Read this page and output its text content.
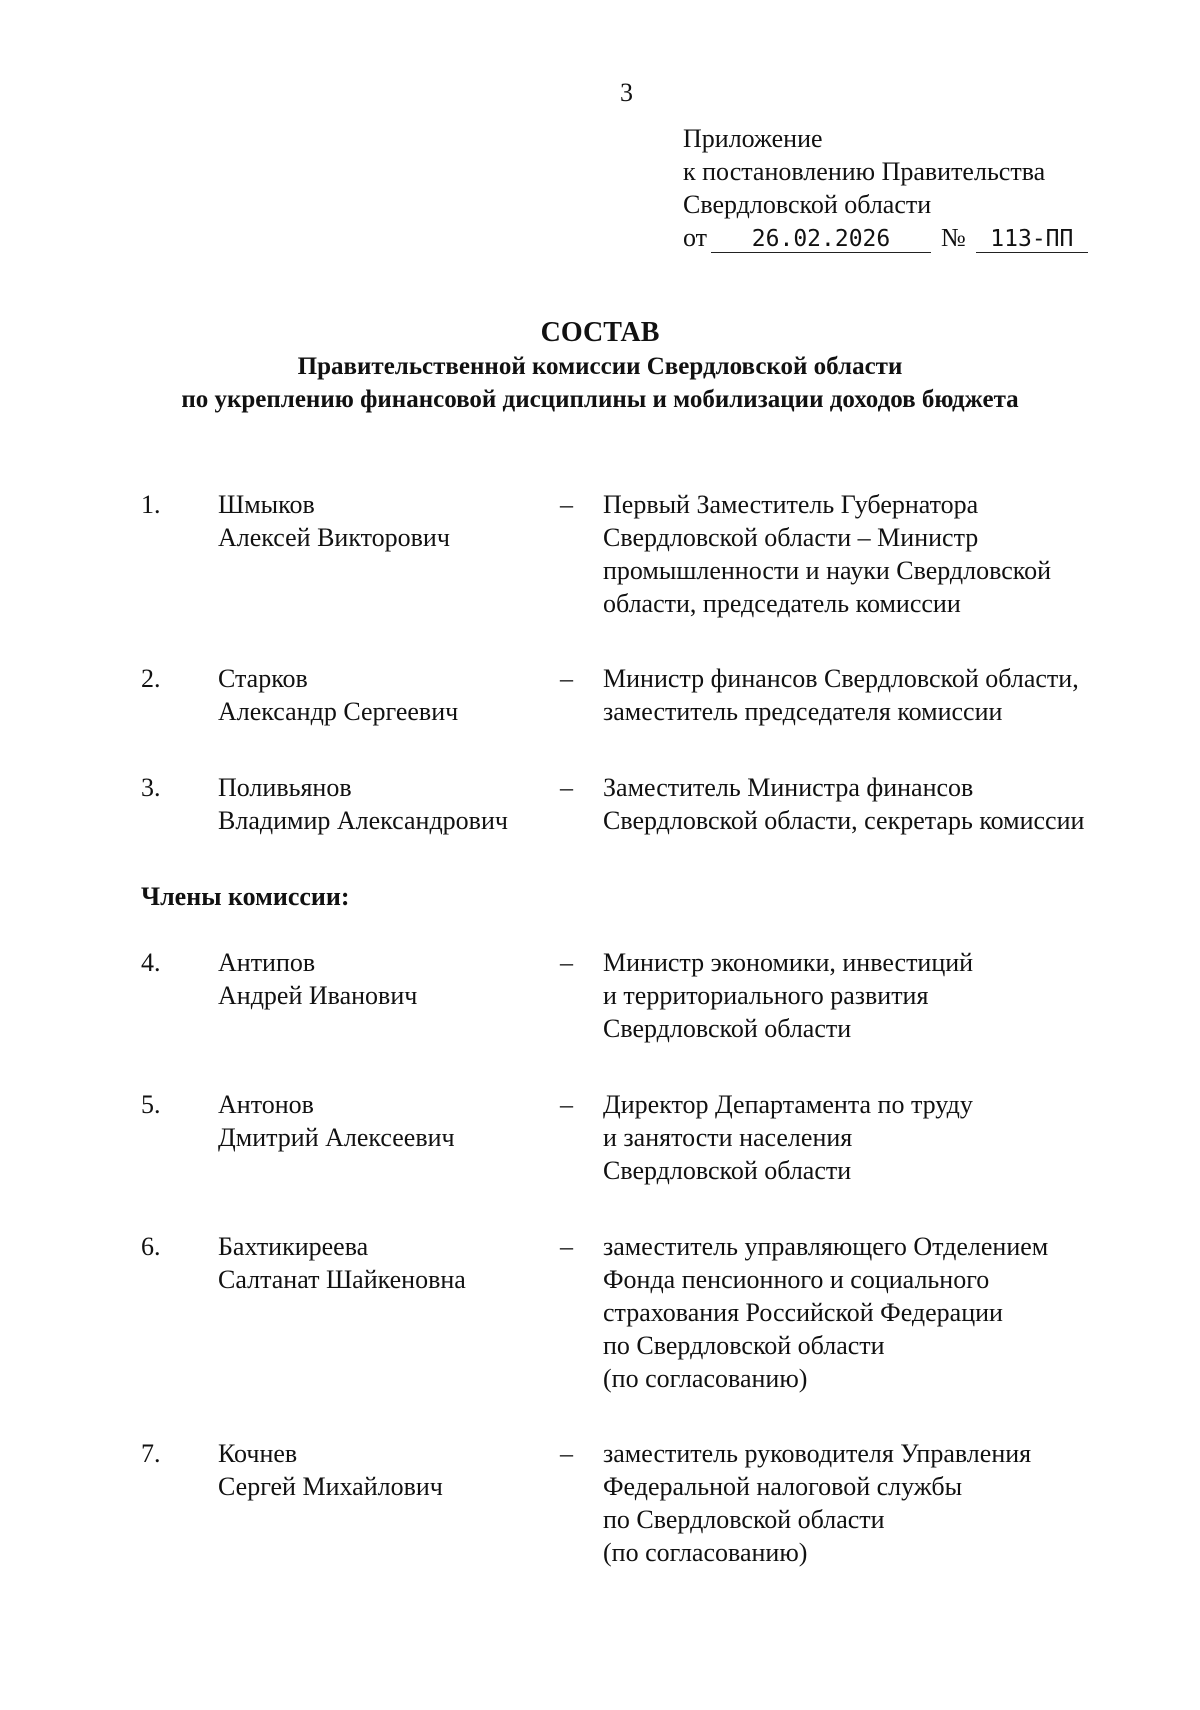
3
Приложение
к постановлению Правительства
Свердловской области
от 26.02.2026 № 113-ПП
СОСТАВ
Правительственной комиссии Свердловской области
по укреплению финансовой дисциплины и мобилизации доходов бюджета
1. Шмыков
Алексей Викторович
– Первый Заместитель Губернатора
Свердловской области – Министр
промышленности и науки Свердловской
области, председатель комиссии
2. Старков
Александр Сергеевич
– Министр финансов Свердловской области,
заместитель председателя комиссии
3. Поливьянов
Владимир Александрович
– Заместитель Министра финансов
Свердловской области, секретарь комиссии
Члены комиссии:
4. Антипов
Андрей Иванович
– Министр экономики, инвестиций
и территориального развития
Свердловской области
5. Антонов
Дмитрий Алексеевич
– Директор Департамента по труду
и занятости населения
Свердловской области
6. Бахтикиреева
Салтанат Шайкеновна
– заместитель управляющего Отделением
Фонда пенсионного и социального
страхования Российской Федерации
по Свердловской области
(по согласованию)
7. Кочнев
Сергей Михайлович
– заместитель руководителя Управления
Федеральной налоговой службы
по Свердловской области
(по согласованию)
